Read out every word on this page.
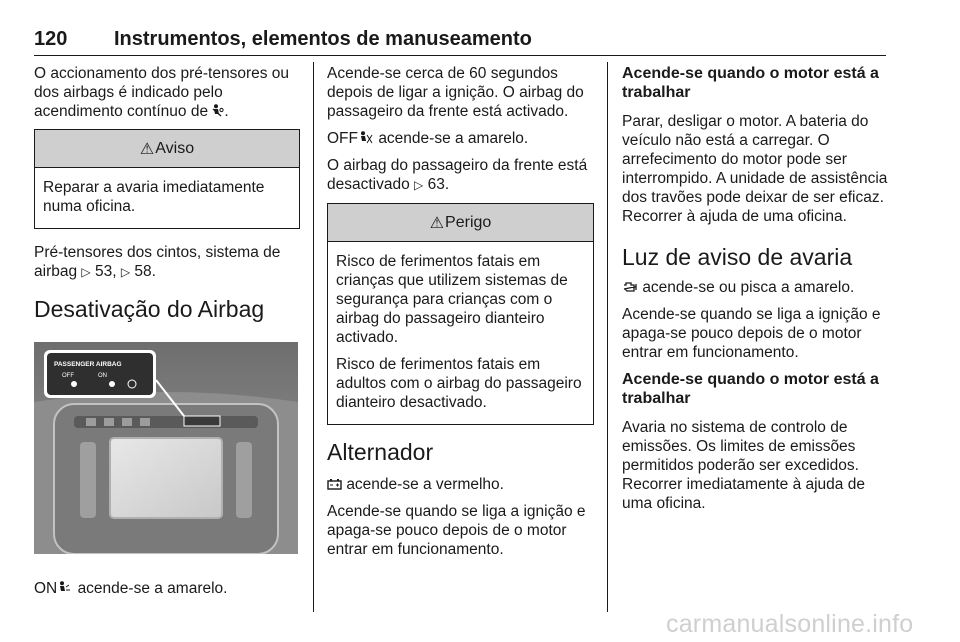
120 Instrumentos, elementos de manuseamento

O accionamento dos pré-tensores ou dos airbags é indicado pelo acendimento contínuo de .

⚠ Aviso

Reparar a avaria imediatamente numa oficina.

Pré-tensores dos cintos, sistema de airbag ▷ 53, ▷ 58.

Desativação do Airbag
PASSENGER AIRBAG
OFF	ON

ON acende-se a amarelo.

Acende-se cerca de 60 segundos depois de ligar a ignição. O airbag do passageiro da frente está activado.

OFF acende-se a amarelo.

O airbag do passageiro da frente está desactivado ▷ 63.

⚠ Perigo

Risco de ferimentos fatais em crianças que utilizem sistemas de segurança para crianças com o airbag do passageiro dianteiro activado.

Risco de ferimentos fatais em adultos com o airbag do passageiro dianteiro desactivado.

Alternador

acende-se a vermelho.

Acende-se quando se liga a ignição e apaga-se pouco depois de o motor entrar em funcionamento.

Acende-se quando o motor está a trabalhar

Parar, desligar o motor. A bateria do veículo não está a carregar. O arrefecimento do motor pode ser interrompido. A unidade de assistência dos travões pode deixar de ser eficaz. Recorrer à ajuda de uma oficina.

Luz de aviso de avaria

acende-se ou pisca a amarelo.

Acende-se quando se liga a ignição e apaga-se pouco depois de o motor entrar em funcionamento.

Acende-se quando o motor está a trabalhar

Avaria no sistema de controlo de emissões. Os limites de emissões permitidos poderão ser excedidos. Recorrer imediatamente à ajuda de uma oficina.

carmanualsonline.info
